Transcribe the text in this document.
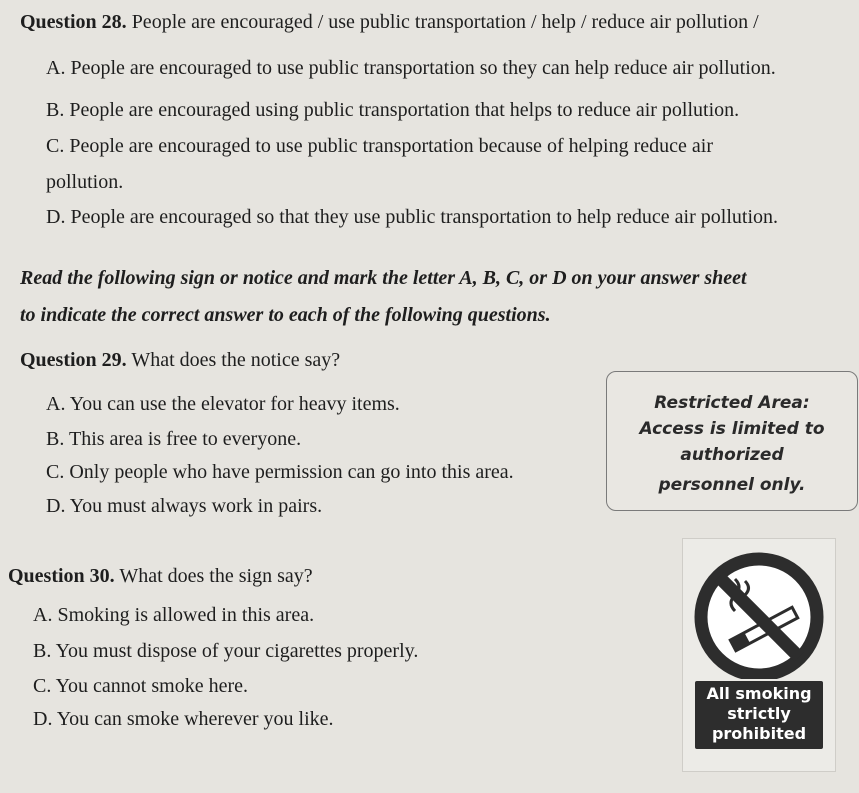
Question 28. People are encouraged / use public transportation / help / reduce air pollution /
A. People are encouraged to use public transportation so they can help reduce air pollution.
B. People are encouraged using public transportation that helps to reduce air pollution.
C. People are encouraged to use public transportation because of helping reduce air
pollution.
D. People are encouraged so that they use public transportation to help reduce air pollution.
Read the following sign or notice and mark the letter A, B, C, or D on your answer sheet
to indicate the correct answer to each of the following questions.
Question 29. What does the notice say?
A. You can use the elevator for heavy items.
B. This area is free to everyone.
C. Only people who have permission can go into this area.
D. You must always work in pairs.
Restricted Area:
Access is limited to
authorized
personnel only.
Question 30. What does the sign say?
A. Smoking is allowed in this area.
B. You must dispose of your cigarettes properly.
C. You cannot smoke here.
D. You can smoke wherever you like.
All smoking
strictly
prohibited
